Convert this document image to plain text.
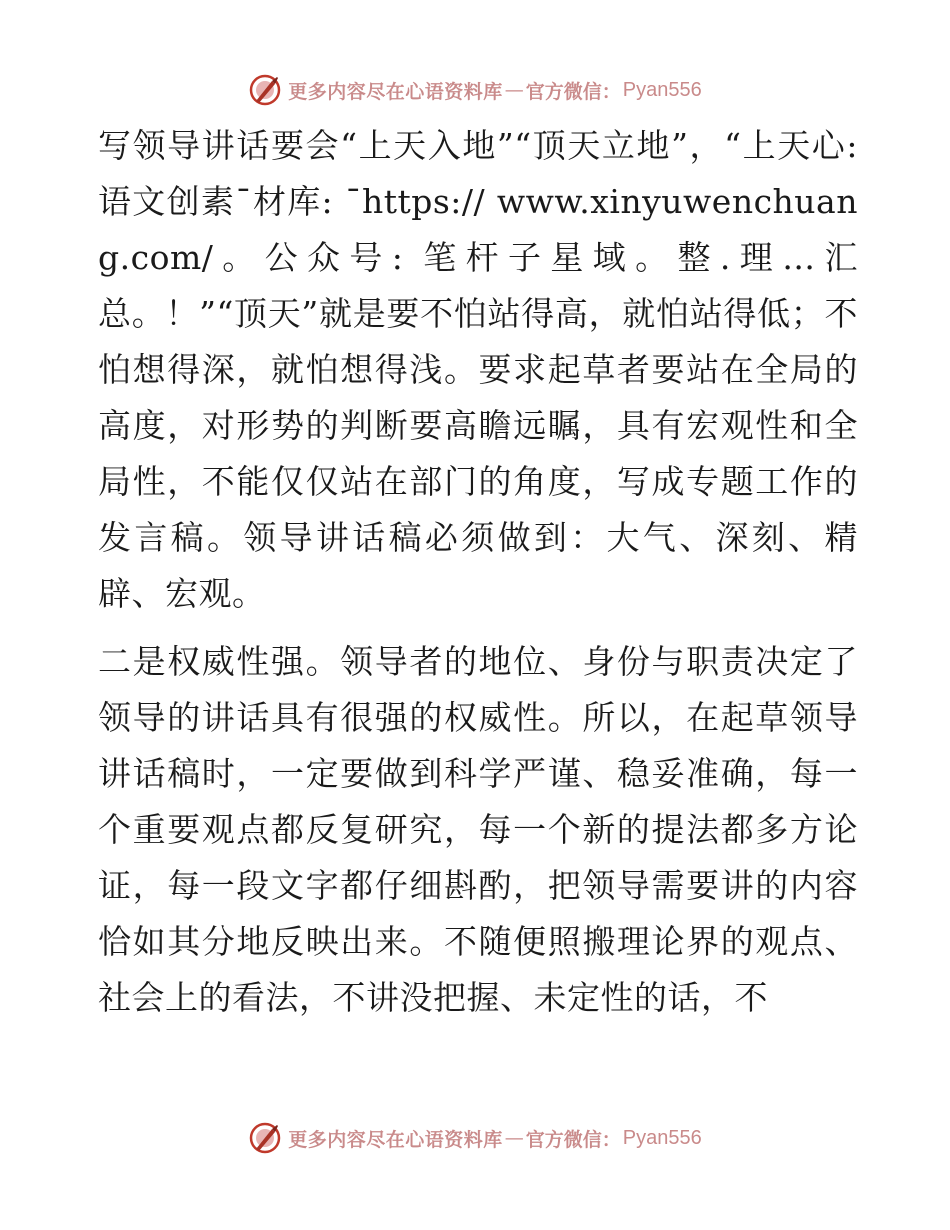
更多内容尽在心语资料库 — 官方微信： Pyan556

写领导讲话要会“上天入地”“顶天立地”，“上天心:语文创素¯材库: ¯https:// www.xinyuwenchuang.com/。公众号: 笔杆子星域。整.理…汇总。！”“顶天”就是要不怕站得高，就怕站得低；不怕想得深，就怕想得浅。要求起草者要站在全局的高度，对形势的判断要高瞻远瞩，具有宏观性和全局性，不能仅仅站在部门的角度，写成专题工作的发言稿。领导讲话稿必须做到：大气、深刻、精辟、宏观。

二是权威性强。领导者的地位、身份与职责决定了领导的讲话具有很强的权威性。所以，在起草领导讲话稿时，一定要做到科学严谨、稳妥准确，每一个重要观点都反复研究，每一个新的提法都多方论证，每一段文字都仔细斟酌，把领导需要讲的内容恰如其分地反映出来。不随便照搬理论界的观点、社会上的看法，不讲没把握、未定性的话，不

更多内容尽在心语资料库 — 官方微信： Pyan556
